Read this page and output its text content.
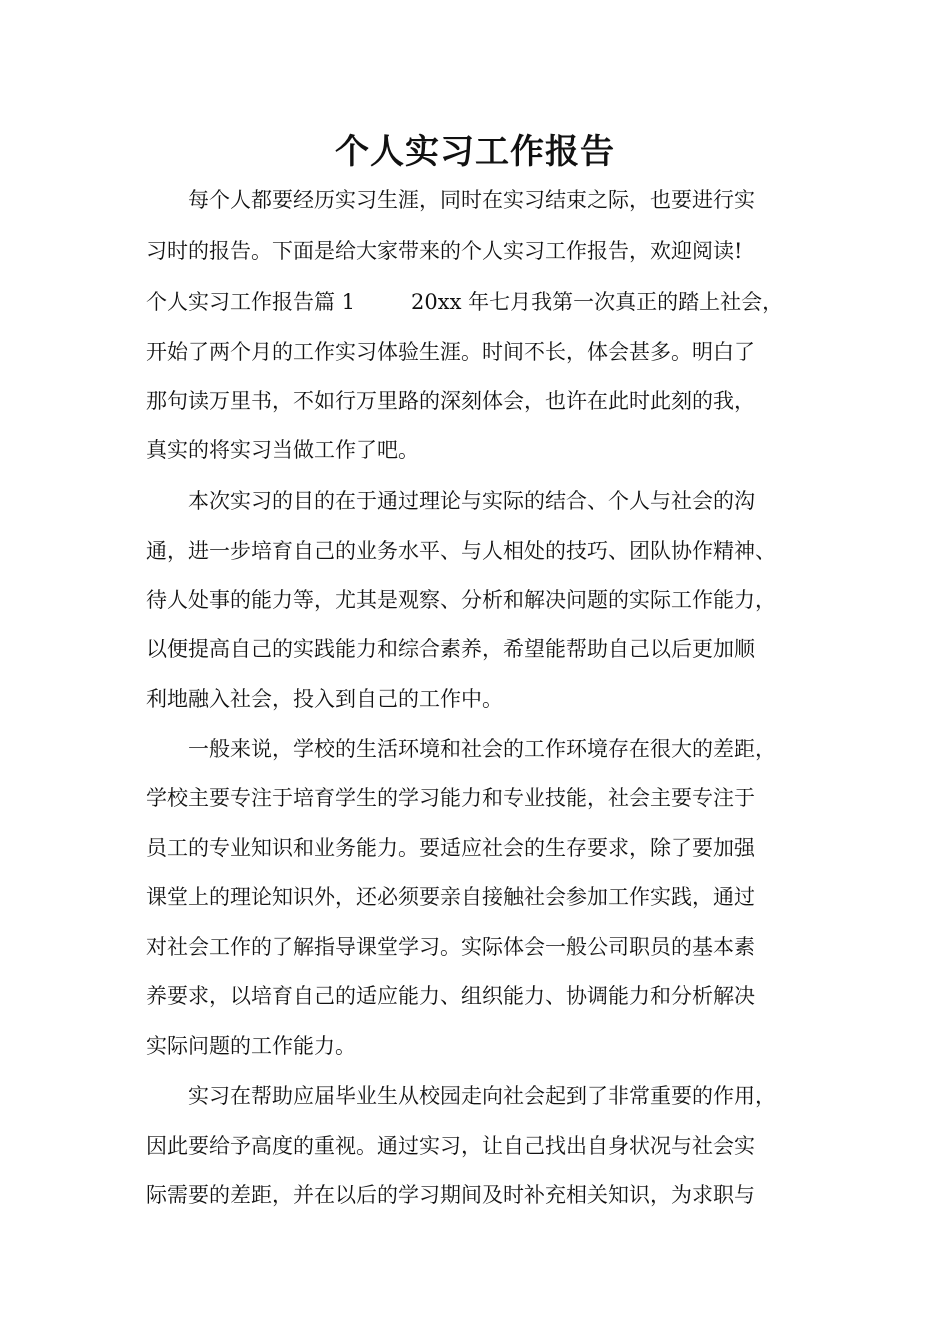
个人实习工作报告
每个人都要经历实习生涯，同时在实习结束之际，也要进行实
习时的报告。下面是给大家带来的个人实习工作报告，欢迎阅读!
个人实习工作报告篇 1	20xx 年七月我第一次真正的踏上社会，
开始了两个月的工作实习体验生涯。时间不长，体会甚多。明白了
那句读万里书，不如行万里路的深刻体会，也许在此时此刻的我，
真实的将实习当做工作了吧。
本次实习的目的在于通过理论与实际的结合、个人与社会的沟
通，进一步培育自己的业务水平、与人相处的技巧、团队协作精神、
待人处事的能力等，尤其是观察、分析和解决问题的实际工作能力，
以便提高自己的实践能力和综合素养，希望能帮助自己以后更加顺
利地融入社会，投入到自己的工作中。
一般来说，学校的生活环境和社会的工作环境存在很大的差距，
学校主要专注于培育学生的学习能力和专业技能，社会主要专注于
员工的专业知识和业务能力。要适应社会的生存要求，除了要加强
课堂上的理论知识外，还必须要亲自接触社会参加工作实践，通过
对社会工作的了解指导课堂学习。实际体会一般公司职员的基本素
养要求，以培育自己的适应能力、组织能力、协调能力和分析解决
实际问题的工作能力。
实习在帮助应届毕业生从校园走向社会起到了非常重要的作用，
因此要给予高度的重视。通过实习，让自己找出自身状况与社会实
际需要的差距，并在以后的学习期间及时补充相关知识，为求职与
